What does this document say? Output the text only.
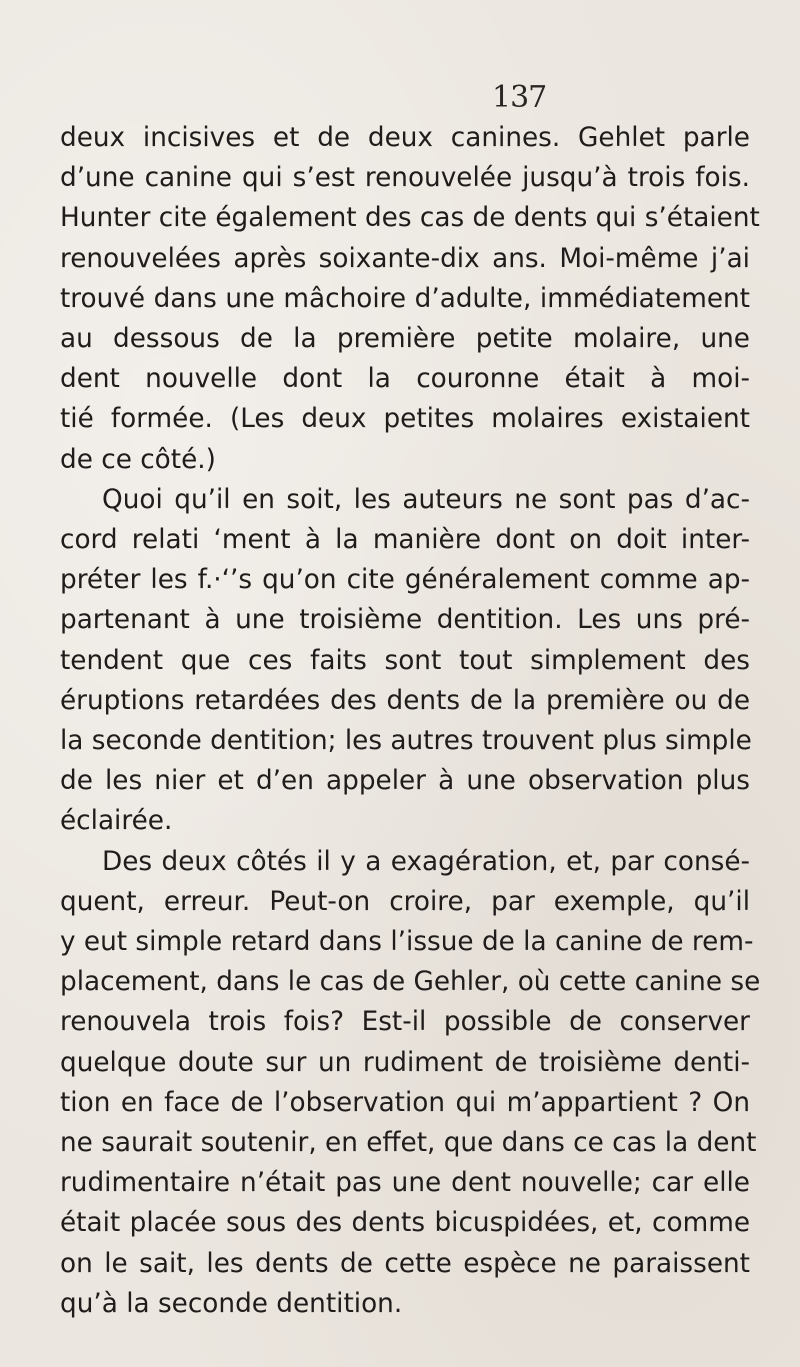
137
deux incisives et de deux canines. Gehlet parle
d’une canine qui s’est renouvelée jusqu’à trois fois.
Hunter cite également des cas de dents qui s’étaient
renouvelées après soixante-dix ans. Moi-même j’ai
trouvé dans une mâchoire d’adulte, immédiatement
au dessous de la première petite molaire, une
dent nouvelle dont la couronne était à moi-
tié formée. (Les deux petites molaires existaient
de ce côté.)
Quoi qu’il en soit, les auteurs ne sont pas d’ac-
cord relati ‘ment à la manière dont on doit inter-
préter les f.·‘’s qu’on cite généralement comme ap-
partenant à une troisième dentition. Les uns pré-
tendent que ces faits sont tout simplement des
éruptions retardées des dents de la première ou de
la seconde dentition; les autres trouvent plus simple
de les nier et d’en appeler à une observation plus
éclairée.
Des deux côtés il y a exagération, et, par consé-
quent, erreur. Peut-on croire, par exemple, qu’il
y eut simple retard dans l’issue de la canine de rem-
placement, dans le cas de Gehler, où cette canine se
renouvela trois fois? Est-il possible de conserver
quelque doute sur un rudiment de troisième denti-
tion en face de l’observation qui m’appartient ? On
ne saurait soutenir, en effet, que dans ce cas la dent
rudimentaire n’était pas une dent nouvelle; car elle
était placée sous des dents bicuspidées, et, comme
on le sait, les dents de cette espèce ne paraissent
qu’à la seconde dentition.
